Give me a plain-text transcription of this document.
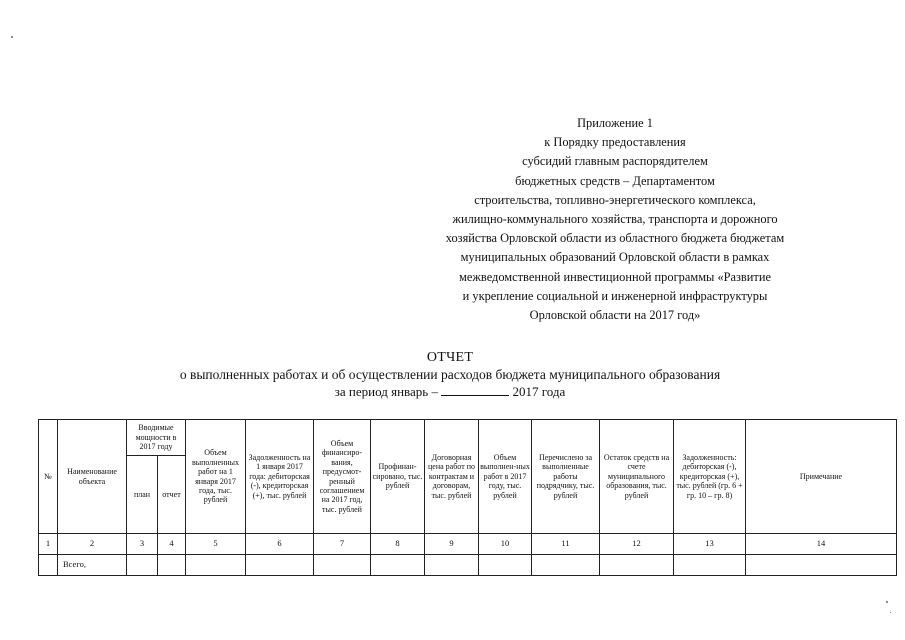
Приложение 1
к Порядку предоставления
субсидий главным распорядителем
бюджетных средств – Департаментом
строительства, топливно-энергетического комплекса,
жилищно-коммунального хозяйства, транспорта и дорожного
хозяйства Орловской области из областного бюджета бюджетам
муниципальных образований Орловской области в рамках
межведомственной инвестиционной программы «Развитие
и укрепление социальной и инженерной инфраструктуры
Орловской области на 2017 год»
ОТЧЕТ
о выполненных работах и об осуществлении расходов бюджета муниципального образования
за период январь –	2017 года
№	Наименование объекта	Вводимые мощности в 2017 году		Объем выполненных работ на 1 января 2017 года, тыс. рублей	Задолженность на 1 января 2017 года: дебиторская (-), кредиторская (+), тыс. рублей	Объем финансиро-вания, предусмот-ренный соглашением на 2017 год, тыс. рублей	Профинан-сировано, тыс. рублей	Договорная цена работ по контрактам и договорам, тыс. рублей	Объем выполнен-ных работ в 2017 году, тыс. рублей	Перечислено за выполненные работы подрядчику, тыс. рублей	Остаток средств на счете муниципального образования, тыс. рублей	Задолженность: дебиторская (-), кредиторская (+), тыс. рублей (гр. 6 + гр. 10 – гр. 8)	Примечание
		план	отчет										
1	2	3	4	5	6	7	8	9	10	11	12	13	14
	Всего,												
